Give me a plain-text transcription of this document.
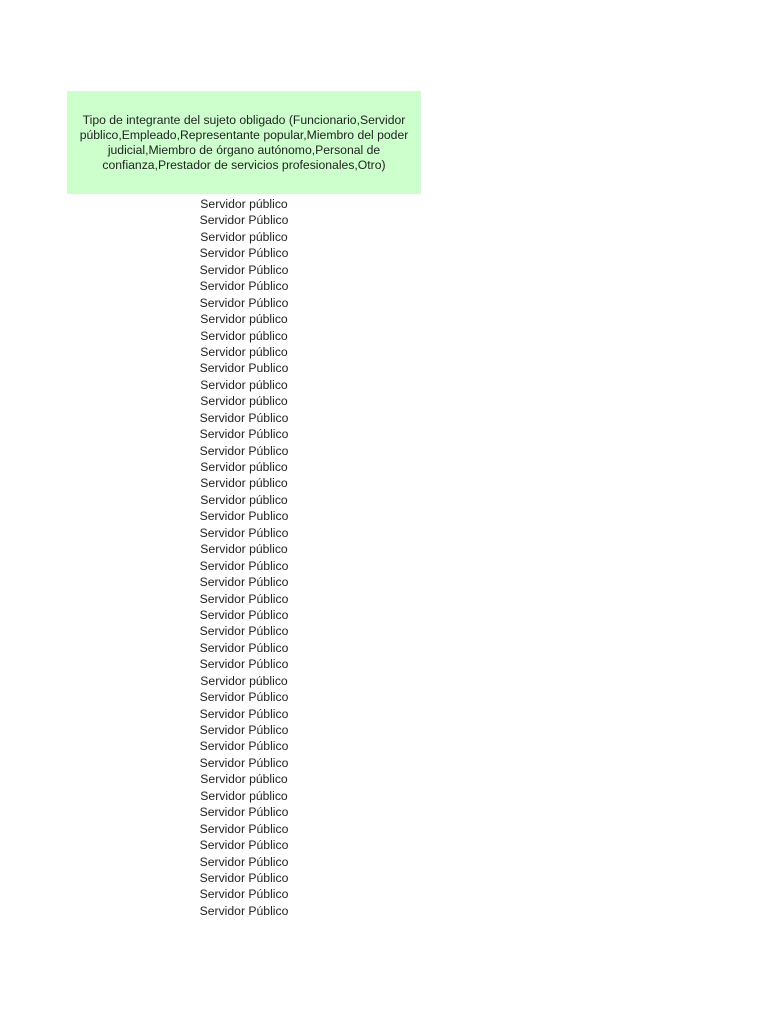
Tipo de integrante del sujeto obligado (Funcionario,Servidor público,Empleado,Representante popular,Miembro del poder judicial,Miembro de órgano autónomo,Personal de confianza,Prestador de servicios profesionales,Otro)
Servidor público
Servidor Público
Servidor público
Servidor Público
Servidor Público
Servidor Público
Servidor Público
Servidor público
Servidor público
Servidor público
Servidor Publico
Servidor público
Servidor público
Servidor Público
Servidor Público
Servidor Público
Servidor público
Servidor público
Servidor público
Servidor Publico
Servidor Público
Servidor público
Servidor Público
Servidor Público
Servidor Público
Servidor Público
Servidor Público
Servidor Público
Servidor Público
Servidor público
Servidor Público
Servidor Público
Servidor Público
Servidor Público
Servidor Público
Servidor público
Servidor público
Servidor Público
Servidor Público
Servidor Público
Servidor Público
Servidor Público
Servidor Público
Servidor Público
